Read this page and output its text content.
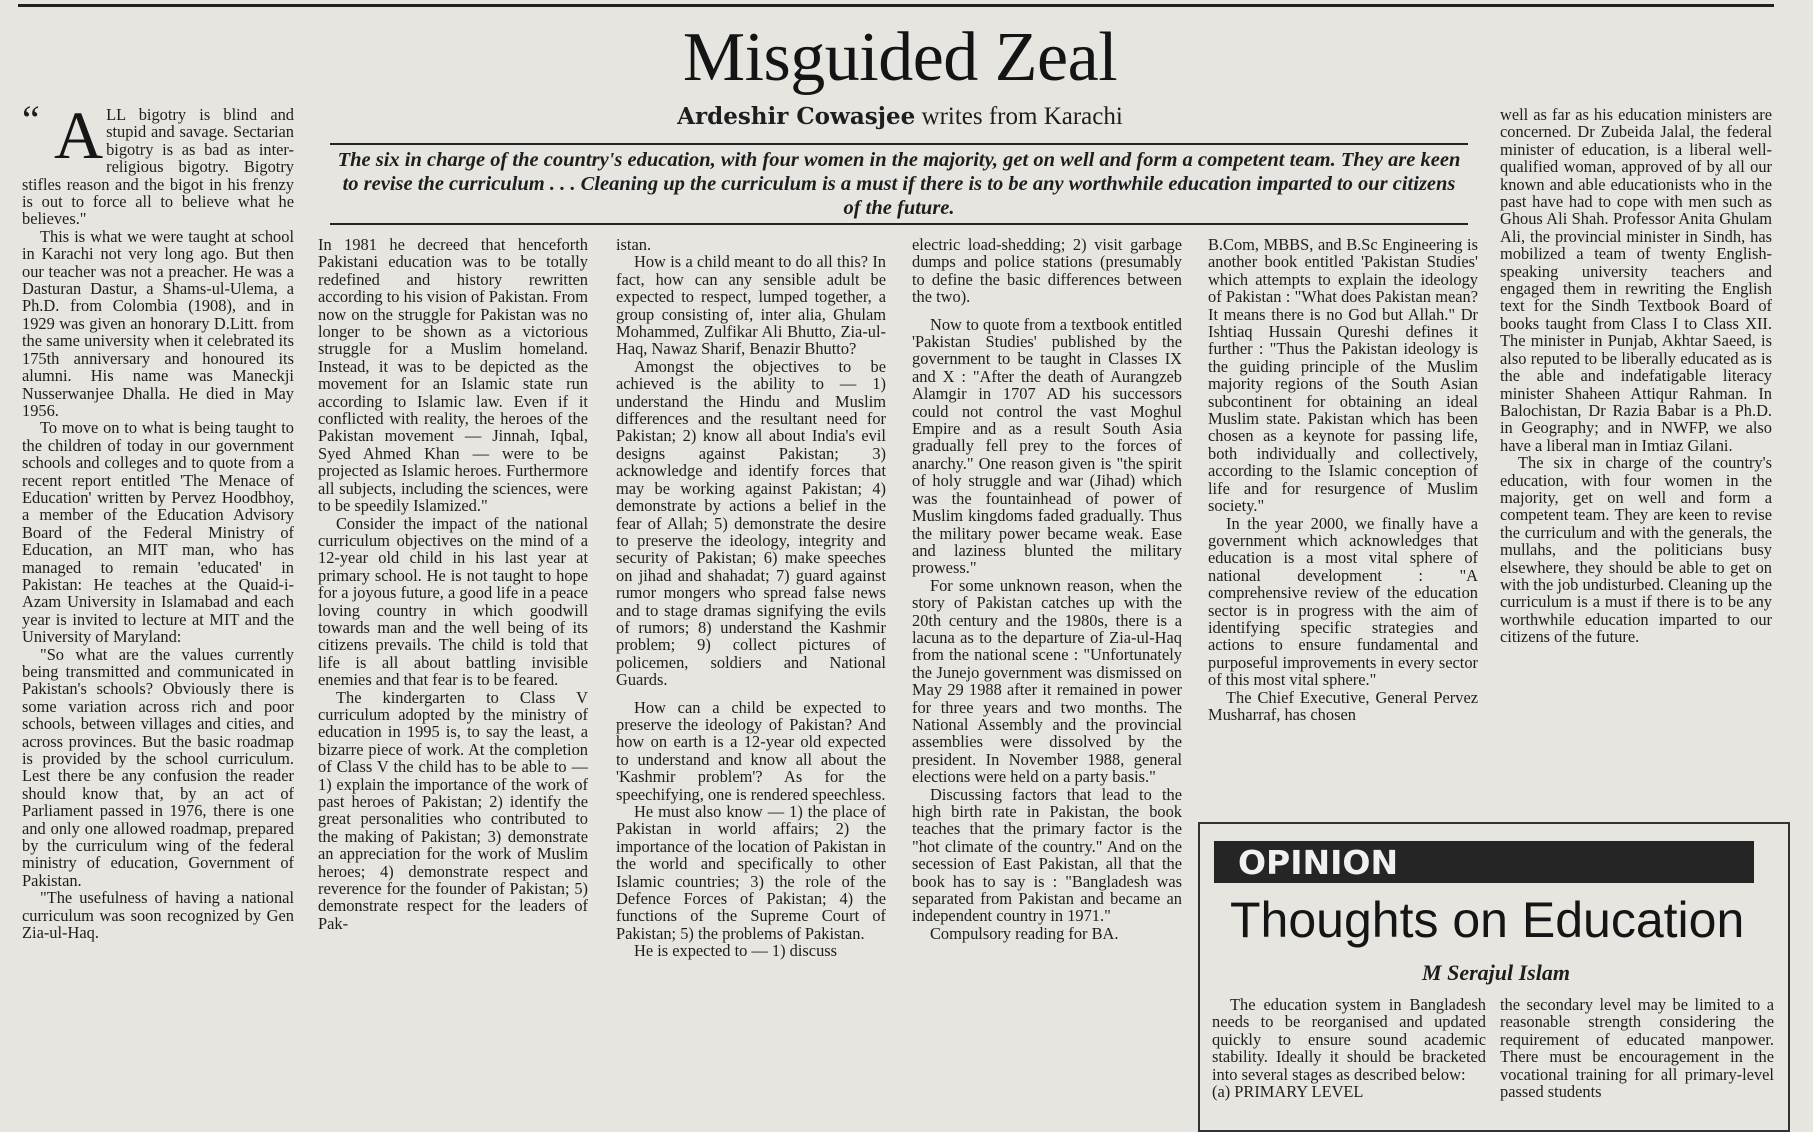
Misguided Zeal
Ardeshir Cowasjee writes from Karachi
The six in charge of the country's education, with four women in the majority, get on well and form a competent team. They are keen to revise the curriculum . . . Cleaning up the curriculum is a must if there is to be any worthwhile education imparted to our citizens of the future.
“ ALL bigotry is blind and stupid and savage. Sectarian bigotry is as bad as inter-religious bigotry. Bigotry stifles reason and the bigot in his frenzy is out to force all to believe what he believes."

This is what we were taught at school in Karachi not very long ago. But then our teacher was not a preacher. He was a Dasturan Dastur, a Shams-ul-Ulema, a Ph.D. from Colombia (1908), and in 1929 was given an honorary D.Litt. from the same university when it celebrated its 175th anniversary and honoured its alumni. His name was Maneckji Nusserwanjee Dhalla. He died in May 1956.

To move on to what is being taught to the children of today in our government schools and colleges and to quote from a recent report entitled 'The Menace of Education' written by Pervez Hoodbhoy, a member of the Education Advisory Board of the Federal Ministry of Education, an MIT man, who has managed to remain 'educated' in Pakistan: He teaches at the Quaid-i-Azam University in Islamabad and each year is invited to lecture at MIT and the University of Maryland:

"So what are the values currently being transmitted and communicated in Pakistan's schools? Obviously there is some variation across rich and poor schools, between villages and cities, and across provinces. But the basic roadmap is provided by the school curriculum. Lest there be any confusion the reader should know that, by an act of Parliament passed in 1976, there is one and only one allowed roadmap, prepared by the curriculum wing of the federal ministry of education, Government of Pakistan.

"The usefulness of having a national curriculum was soon recognized by Gen Zia-ul-Haq.

In 1981 he decreed that henceforth Pakistani education was to be totally redefined and history rewritten according to his vision of Pakistan. From now on the struggle for Pakistan was no longer to be shown as a victorious struggle for a Muslim homeland. Instead, it was to be depicted as the movement for an Islamic state run according to Islamic law. Even if it conflicted with reality, the heroes of the Pakistan movement — Jinnah, Iqbal, Syed Ahmed Khan — were to be projected as Islamic heroes. Furthermore all subjects, including the sciences, were to be speedily Islamized."

Consider the impact of the national curriculum objectives on the mind of a 12-year old child in his last year at primary school. He is not taught to hope for a joyous future, a good life in a peace loving country in which goodwill towards man and the well being of its citizens prevails. The child is told that life is all about battling invisible enemies and that fear is to be feared.

The kindergarten to Class V curriculum adopted by the ministry of education in 1995 is, to say the least, a bizarre piece of work. At the completion of Class V the child has to be able to — 1) explain the importance of the work of past heroes of Pakistan; 2) identify the great personalities who contributed to the making of Pakistan; 3) demonstrate an appreciation for the work of Muslim heroes; 4) demonstrate respect and reverence for the founder of Pakistan; 5) demonstrate respect for the leaders of Pak-

istan.

How is a child meant to do all this? In fact, how can any sensible adult be expected to respect, lumped together, a group consisting of, inter alia, Ghulam Mohammed, Zulfikar Ali Bhutto, Zia-ul-Haq, Nawaz Sharif, Benazir Bhutto?

Amongst the objectives to be achieved is the ability to — 1) understand the Hindu and Muslim differences and the resultant need for Pakistan; 2) know all about India's evil designs against Pakistan; 3) acknowledge and identify forces that may be working against Pakistan; 4) demonstrate by actions a belief in the fear of Allah; 5) demonstrate the desire to preserve the ideology, integrity and security of Pakistan; 6) make speeches on jihad and shahadat; 7) guard against rumor mongers who spread false news and to stage dramas signifying the evils of rumors; 8) understand the Kashmir problem; 9) collect pictures of policemen, soldiers and National Guards.

How can a child be expected to preserve the ideology of Pakistan? And how on earth is a 12-year old expected to understand and know all about the 'Kashmir problem'? As for the speechifying, one is rendered speechless.

He must also know — 1) the place of Pakistan in world affairs; 2) the importance of the location of Pakistan in the world and specifically to other Islamic countries; 3) the role of the Defence Forces of Pakistan; 4) the functions of the Supreme Court of Pakistan; 5) the problems of Pakistan.

He is expected to — 1) discuss

electric load-shedding; 2) visit garbage dumps and police stations (presumably to define the basic differences between the two).

Now to quote from a textbook entitled 'Pakistan Studies' published by the government to be taught in Classes IX and X : "After the death of Aurangzeb Alamgir in 1707 AD his successors could not control the vast Moghul Empire and as a result South Asia gradually fell prey to the forces of anarchy." One reason given is "the spirit of holy struggle and war (Jihad) which was the fountainhead of power of Muslim kingdoms faded gradually. Thus the military power became weak. Ease and laziness blunted the military prowess."

For some unknown reason, when the story of Pakistan catches up with the 20th century and the 1980s, there is a lacuna as to the departure of Zia-ul-Haq from the national scene : "Unfortunately the Junejo government was dismissed on May 29 1988 after it remained in power for three years and two months. The National Assembly and the provincial assemblies were dissolved by the president. In November 1988, general elections were held on a party basis."

Discussing factors that lead to the high birth rate in Pakistan, the book teaches that the primary factor is the "hot climate of the country." And on the secession of East Pakistan, all that the book has to say is : "Bangladesh was separated from Pakistan and became an independent country in 1971."

Compulsory reading for BA.

B.Com, MBBS, and B.Sc Engineering is another book entitled 'Pakistan Studies' which attempts to explain the ideology of Pakistan : "What does Pakistan mean? It means there is no God but Allah." Dr Ishtiaq Hussain Qureshi defines it further : "Thus the Pakistan ideology is the guiding principle of the Muslim majority regions of the South Asian subcontinent for obtaining an ideal Muslim state. Pakistan which has been chosen as a keynote for passing life, both individually and collectively, according to the Islamic conception of life and for resurgence of Muslim society."

In the year 2000, we finally have a government which acknowledges that education is a most vital sphere of national development : "A comprehensive review of the education sector is in progress with the aim of identifying specific strategies and actions to ensure fundamental and purposeful improvements in every sector of this most vital sphere."

The Chief Executive, General Pervez Musharraf, has chosen

well as far as his education ministers are concerned. Dr Zubeida Jalal, the federal minister of education, is a liberal well-qualified woman, approved of by all our known and able educationists who in the past have had to cope with men such as Ghous Ali Shah. Professor Anita Ghulam Ali, the provincial minister in Sindh, has mobilized a team of twenty English-speaking university teachers and engaged them in rewriting the English text for the Sindh Textbook Board of books taught from Class I to Class XII. The minister in Punjab, Akhtar Saeed, is also reputed to be liberally educated as is the able and indefatigable literacy minister Shaheen Attiqur Rahman. In Balochistan, Dr Razia Babar is a Ph.D. in Geography; and in NWFP, we also have a liberal man in Imtiaz Gilani.

The six in charge of the country's education, with four women in the majority, get on well and form a competent team. They are keen to revise the curriculum and with the generals, the mullahs, and the politicians busy elsewhere, they should be able to get on with the job undisturbed. Cleaning up the curriculum is a must if there is to be any worthwhile education imparted to our citizens of the future.

OPINION
Thoughts on Education
M Serajul Islam

The education system in Bangladesh needs to be reorganised and updated quickly to ensure sound academic stability. Ideally it should be bracketed into several stages as described below:

(a) PRIMARY LEVEL

the secondary level may be limited to a reasonable strength considering the requirement of educated manpower. There must be encouragement in the vocational training for all primary-level passed students
